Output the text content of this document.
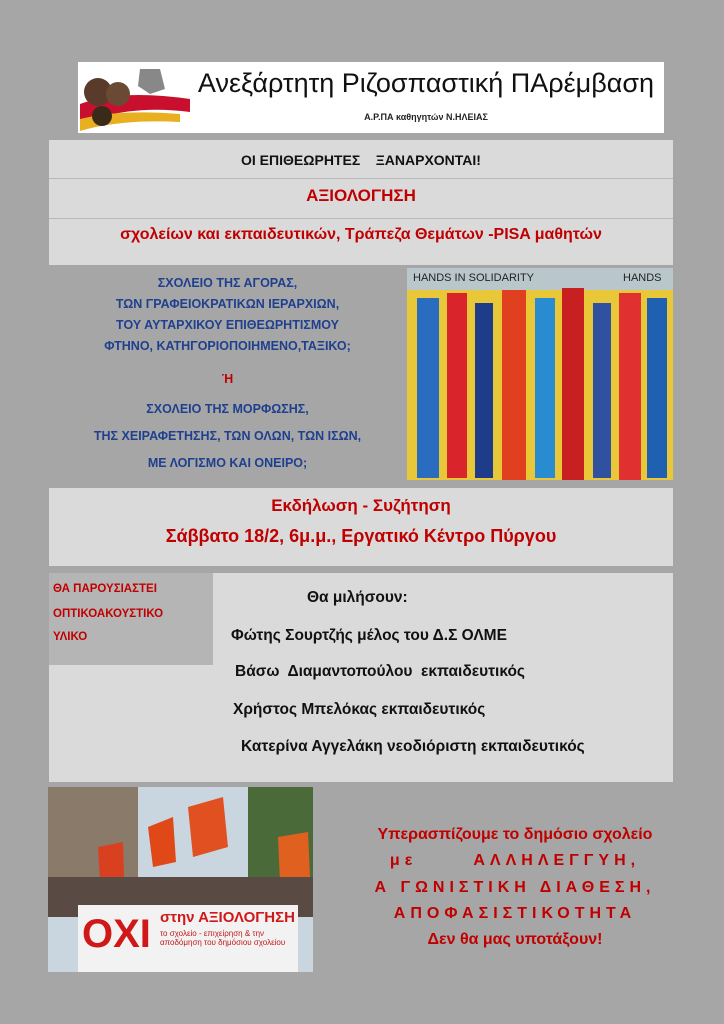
Ανεξάρτητη Ριζοσπαστική ΠΑρέμβαση
Α.Ρ.ΠΑ καθηγητών Ν.ΗΛΕΙΑΣ
ΟΙ ΕΠΙΘΕΩΡΗΤΕΣ    ΞΑΝΑΡΧΟΝΤΑΙ!
ΑΞΙΟΛΟΓΗΣΗ
σχολείων και εκπαιδευτικών, Τράπεζα Θεμάτων -PISA μαθητών
ΣΧΟΛΕΙΟ ΤΗΣ ΑΓΟΡΑΣ,
ΤΩΝ ΓΡΑΦΕΙΟΚΡΑΤΙΚΩΝ ΙΕΡΑΡΧΙΩΝ,
ΤΟΥ ΑΥΤΑΡΧΙΚΟΥ ΕΠΙΘΕΩΡΗΤΙΣΜΟΥ
ΦΤΗΝΟ, ΚΑΤΗΓΟΡΙΟΠΟΙΗΜΕΝΟ,ΤΑΞΙΚΟ;
Ή
ΣΧΟΛΕΙΟ ΤΗΣ ΜΟΡΦΩΣΗΣ,
ΤΗΣ ΧΕΙΡΑΦΕΤΗΣΗΣ, ΤΩΝ ΟΛΩΝ, ΤΩΝ ΙΣΩΝ,
ΜΕ ΛΟΓΙΣΜΟ ΚΑΙ ΟΝΕΙΡΟ;
HANDS IN SOLIDARITY	HANDS
Εκδήλωση - Συζήτηση
Σάββατο 18/2, 6μ.μ., Εργατικό Κέντρο Πύργου
ΘΑ ΠΑΡΟΥΣΙΑΣΤΕΙ
ΟΠΤΙΚΟΑΚΟΥΣΤΙΚΟ
ΥΛΙΚΟ
Θα μιλήσουν:
Φώτης Σουρτζής μέλος του Δ.Σ ΟΛΜΕ
Βάσω  Διαμαντοπούλου  εκπαιδευτικός
Χρήστος Μπελόκας εκπαιδευτικός
Κατερίνα Αγγελάκη νεοδιόριστη εκπαιδευτικός
ΟΧΙ στην ΑΞΙΟΛΟΓΗΣΗ
το σχολείο - επιχείρηση & την αποδόμηση του δημόσιου σχολείου
Υπερασπίζουμε το δημόσιο σχολείο
με      ΑΛΛΗΛΕΓΓΥΗ,
Α ΓΩΝΙΣΤΙΚΗ ΔΙΑΘΕΣΗ,
ΑΠΟΦΑΣΙΣΤΙΚΟΤΗΤΑ
Δεν θα μας υποτάξουν!
